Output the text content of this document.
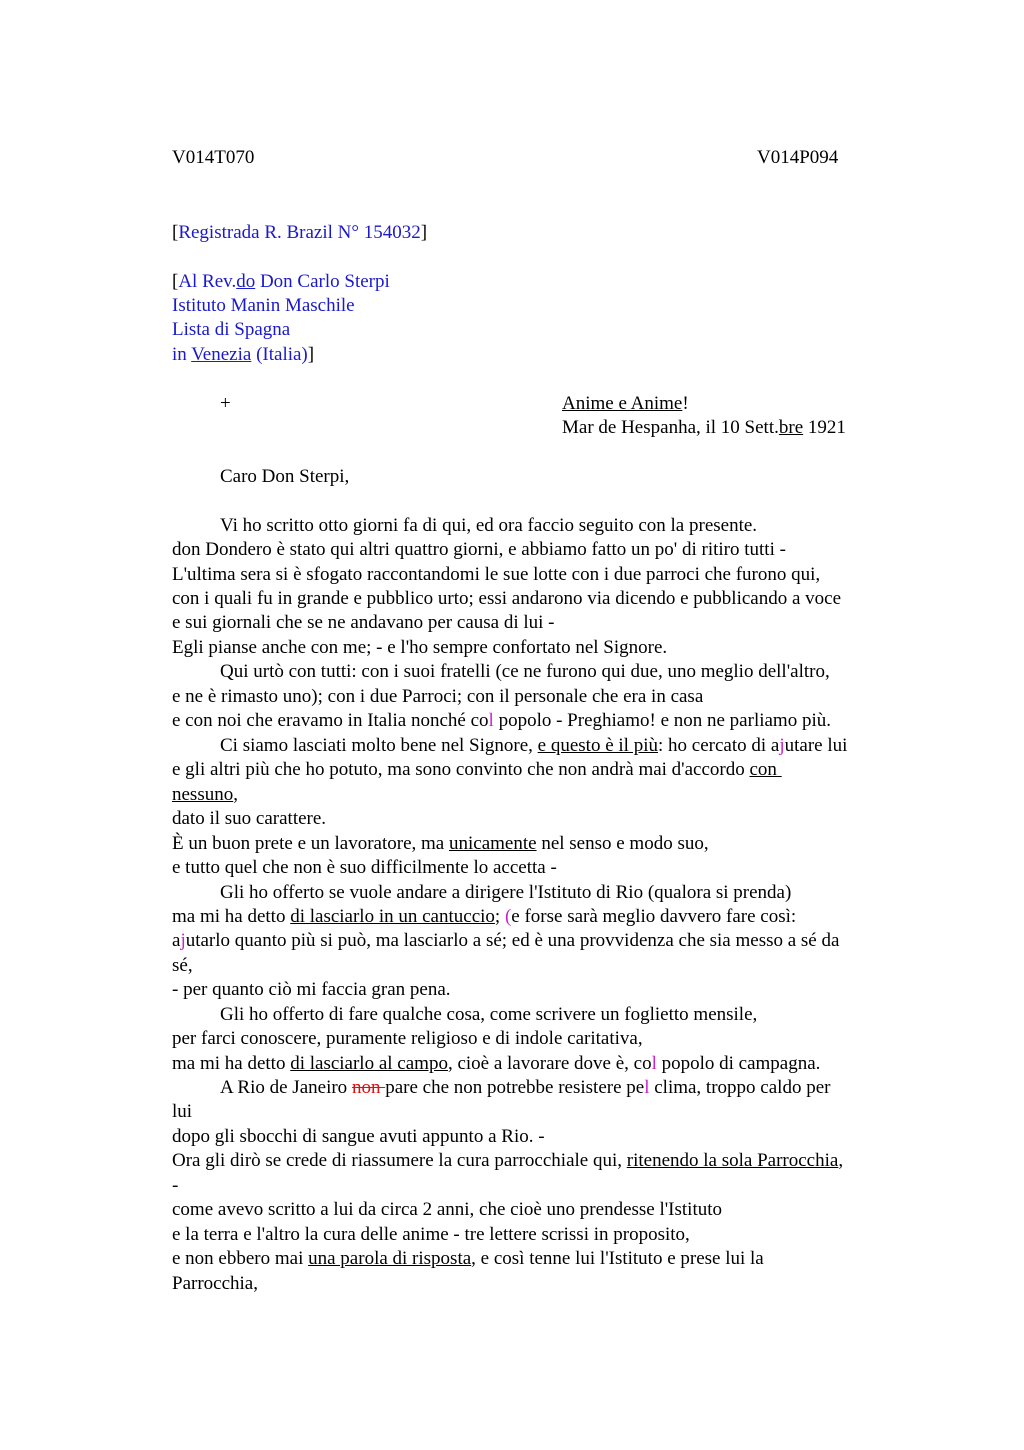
V014T070	V014P094
[Registrada R. Brazil N° 154032]
[Al Rev.do Don Carlo Sterpi
Istituto Manin Maschile
Lista di Spagna
in Venezia (Italia)]
+	Anime e Anime!
Mar de Hespanha, il 10 Sett.bre 1921
Caro Don Sterpi,
Vi ho scritto otto giorni fa di qui, ed ora faccio seguito con la presente.
don Dondero è stato qui altri quattro giorni, e abbiamo fatto un po' di ritiro tutti -
L'ultima sera si è sfogato raccontandomi le sue lotte con i due parroci che furono qui,
con i quali fu in grande e pubblico urto; essi andarono via dicendo e pubblicando a voce
e sui giornali che se ne andavano per causa di lui -
Egli pianse anche con me; - e l'ho sempre confortato nel Signore.
Qui urtò con tutti: con i suoi fratelli (ce ne furono qui due, uno meglio dell'altro,
e ne è rimasto uno); con i due Parroci; con il personale che era in casa
e con noi che eravamo in Italia nonché col popolo - Preghiamo! e non ne parliamo più.
Ci siamo lasciati molto bene nel Signore, e questo è il più: ho cercato di ajutare lui
e gli altri più che ho potuto, ma sono convinto che non andrà mai d'accordo con
nessuno,
dato il suo carattere.
È un buon prete e un lavoratore, ma unicamente nel senso e modo suo,
e tutto quel che non è suo difficilmente lo accetta -
Gli ho offerto se vuole andare a dirigere l'Istituto di Rio (qualora si prenda)
ma mi ha detto di lasciarlo in un cantuccio; (e forse sarà meglio davvero fare così:
ajutarlo quanto più si può, ma lasciarlo a sé; ed è una provvidenza che sia messo a sé da
sé,
- per quanto ciò mi faccia gran pena.
Gli ho offerto di fare qualche cosa, come scrivere un foglietto mensile,
per farci conoscere, puramente religioso e di indole caritativa,
ma mi ha detto di lasciarlo al campo, cioè a lavorare dove è, col popolo di campagna.
A Rio de Janeiro non pare che non potrebbe resistere pel clima, troppo caldo per
lui
dopo gli sbocchi di sangue avuti appunto a Rio. -
Ora gli dirò se crede di riassumere la cura parrocchiale qui, ritenendo la sola Parrocchia,
-
come avevo scritto a lui da circa 2 anni, che cioè uno prendesse l'Istituto
e la terra e l'altro la cura delle anime - tre lettere scrissi in proposito,
e non ebbero mai una parola di risposta, e così tenne lui l'Istituto e prese lui la
Parrocchia,
